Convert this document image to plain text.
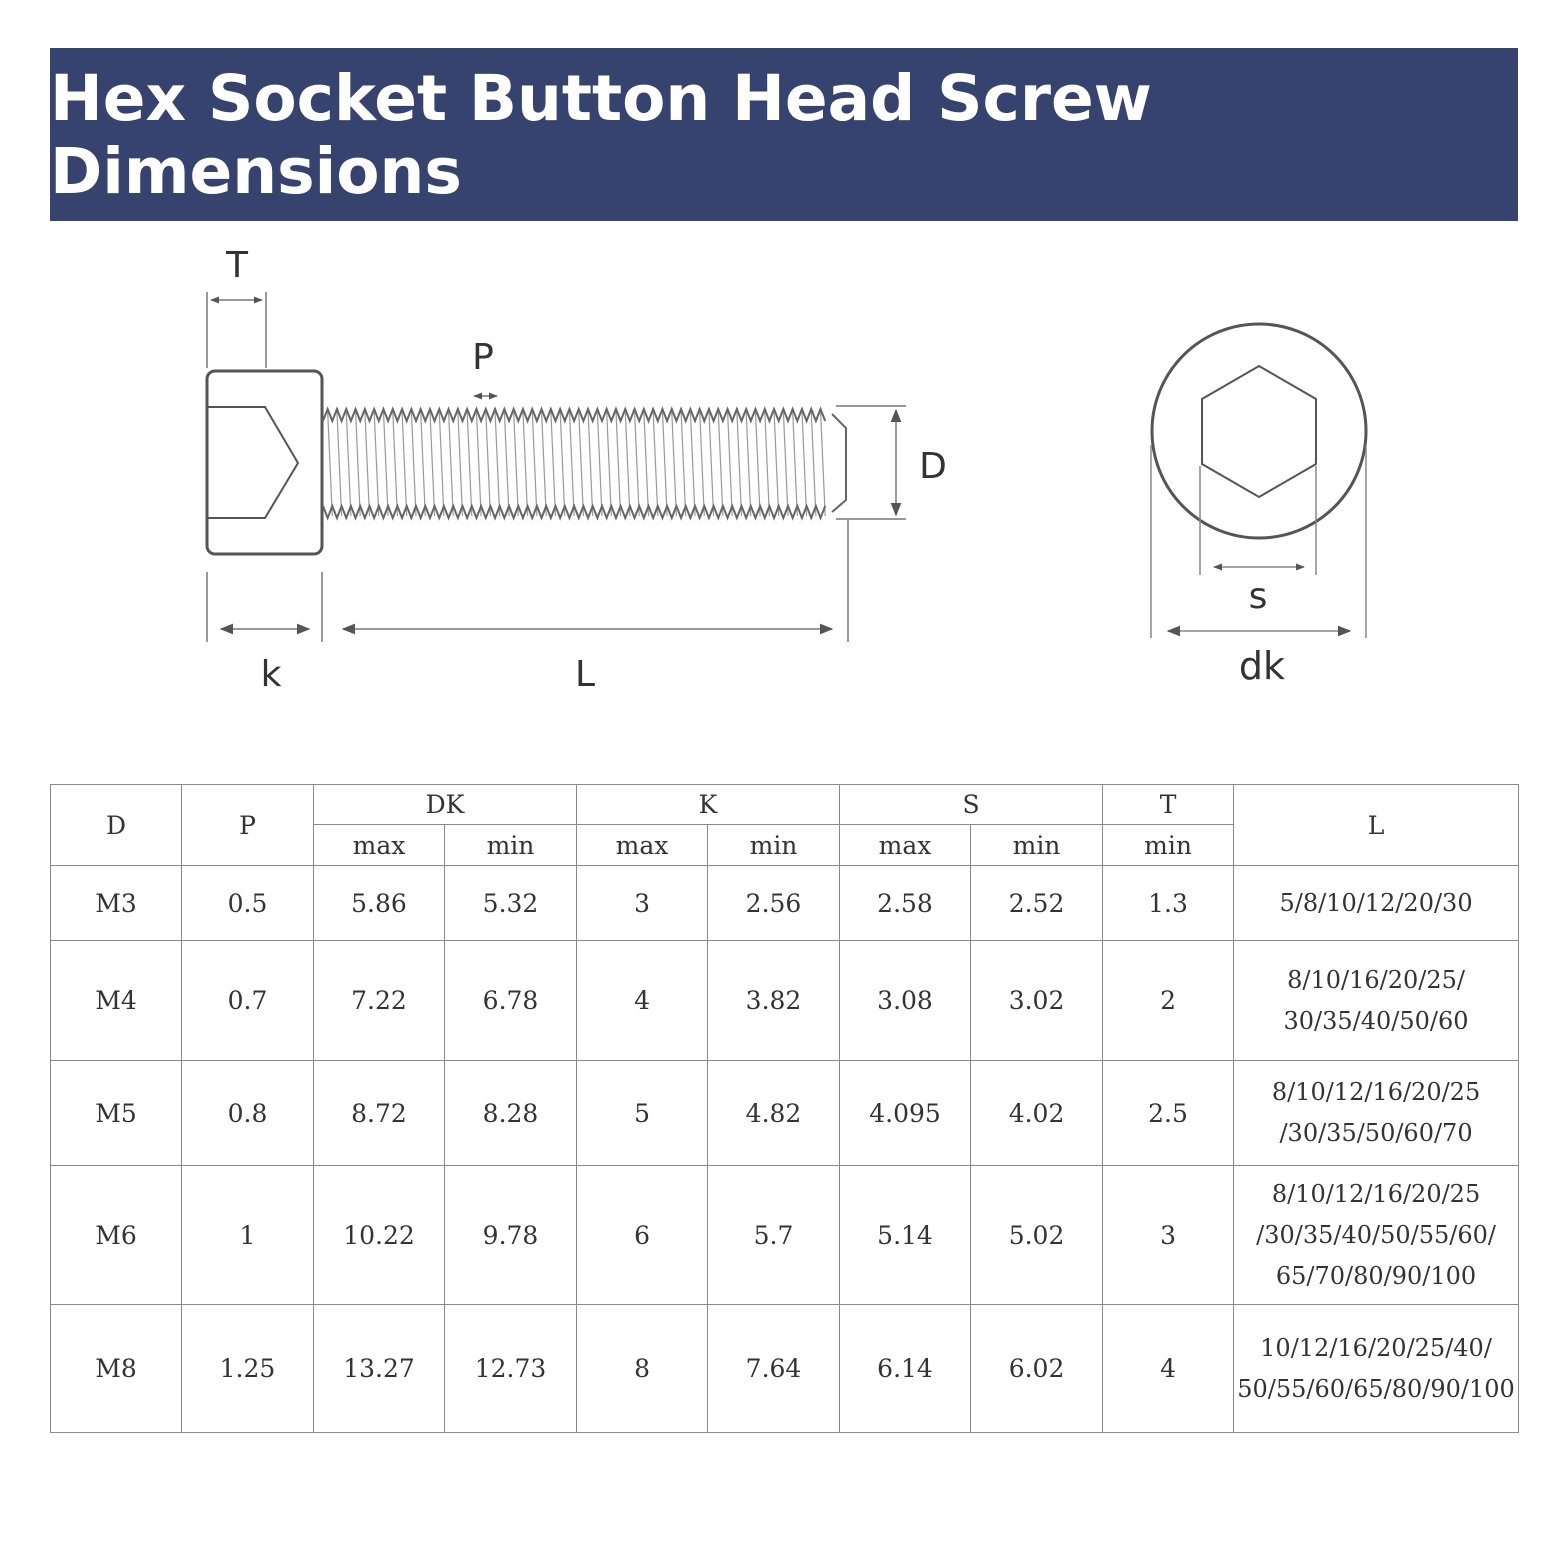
Hex Socket Button Head Screw Dimensions
T
P
D
k	L
s
dk
D	P	DK		K		S		T	L
		max	min	max	min	max	min	min	
M3	0.5	5.86	5.32	3	2.56	2.58	2.52	1.3	5/8/10/12/20/30
M4	0.7	7.22	6.78	4	3.82	3.08	3.02	2	8/10/16/20/25/
30/35/40/50/60
M5	0.8	8.72	8.28	5	4.82	4.095	4.02	2.5	8/10/12/16/20/25
/30/35/50/60/70
M6	1	10.22	9.78	6	5.7	5.14	5.02	3	8/10/12/16/20/25
/30/35/40/50/55/60/
65/70/80/90/100
M8	1.25	13.27	12.73	8	7.64	6.14	6.02	4	10/12/16/20/25/40/
50/55/60/65/80/90/100
